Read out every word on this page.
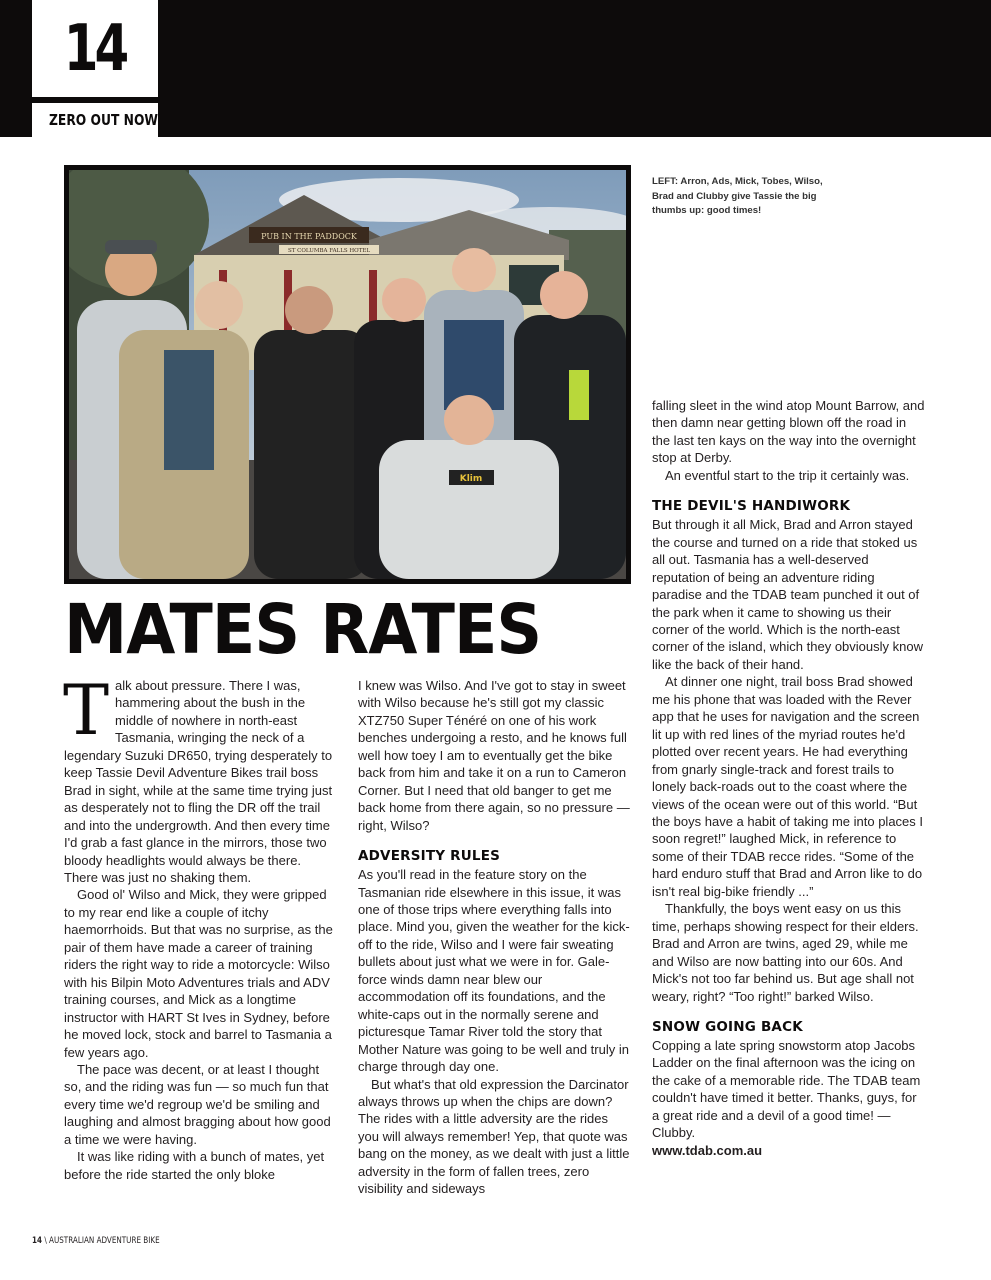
14
ZERO OUT NOW
PUB IN THE PADDOCK
ST COLUMBA FALLS HOTEL
Klim

LEFT: Arron, Ads, Mick, Tobes, Wilso, Brad and Clubby give Tassie the big thumbs up: good times!

MATES RATES

Talk about pressure. There I was, hammering about the bush in the middle of nowhere in north-east Tasmania, wringing the neck of a legendary Suzuki DR650, trying desperately to keep Tassie Devil Adventure Bikes trail boss Brad in sight, while at the same time trying just as desperately not to fling the DR off the trail and into the undergrowth. And then every time I'd grab a fast glance in the mirrors, those two bloody headlights would always be there. There was just no shaking them.

Good ol' Wilso and Mick, they were gripped to my rear end like a couple of itchy haemorrhoids. But that was no surprise, as the pair of them have made a career of training riders the right way to ride a motorcycle: Wilso with his Bilpin Moto Adventures trials and ADV training courses, and Mick as a longtime instructor with HART St Ives in Sydney, before he moved lock, stock and barrel to Tasmania a few years ago.

The pace was decent, or at least I thought so, and the riding was fun — so much fun that every time we'd regroup we'd be smiling and laughing and almost bragging about how good a time we were having.

It was like riding with a bunch of mates, yet before the ride started the only bloke

I knew was Wilso. And I've got to stay in sweet with Wilso because he's still got my classic XTZ750 Super Ténéré on one of his work benches undergoing a resto, and he knows full well how toey I am to eventually get the bike back from him and take it on a run to Cameron Corner. But I need that old banger to get me back home from there again, so no pressure — right, Wilso?

ADVERSITY RULES

As you'll read in the feature story on the Tasmanian ride elsewhere in this issue, it was one of those trips where everything falls into place. Mind you, given the weather for the kick-off to the ride, Wilso and I were fair sweating bullets about just what we were in for. Gale-force winds damn near blew our accommodation off its foundations, and the white-caps out in the normally serene and picturesque Tamar River told the story that Mother Nature was going to be well and truly in charge through day one.

But what's that old expression the Darcinator always throws up when the chips are down? The rides with a little adversity are the rides you will always remember! Yep, that quote was bang on the money, as we dealt with just a little adversity in the form of fallen trees, zero visibility and sideways

falling sleet in the wind atop Mount Barrow, and then damn near getting blown off the road in the last ten kays on the way into the overnight stop at Derby.

An eventful start to the trip it certainly was.

THE DEVIL'S HANDIWORK

But through it all Mick, Brad and Arron stayed the course and turned on a ride that stoked us all out. Tasmania has a well-deserved reputation of being an adventure riding paradise and the TDAB team punched it out of the park when it came to showing us their corner of the world. Which is the north-east corner of the island, which they obviously know like the back of their hand.

At dinner one night, trail boss Brad showed me his phone that was loaded with the Rever app that he uses for navigation and the screen lit up with red lines of the myriad routes he'd plotted over recent years. He had everything from gnarly single-track and forest trails to lonely back-roads out to the coast where the views of the ocean were out of this world. “But the boys have a habit of taking me into places I soon regret!” laughed Mick, in reference to some of their TDAB recce rides. “Some of the hard enduro stuff that Brad and Arron like to do isn't real big-bike friendly ...”

Thankfully, the boys went easy on us this time, perhaps showing respect for their elders. Brad and Arron are twins, aged 29, while me and Wilso are now batting into our 60s. And Mick's not too far behind us. But age shall not weary, right? “Too right!” barked Wilso.

SNOW GOING BACK

Copping a late spring snowstorm atop Jacobs Ladder on the final afternoon was the icing on the cake of a memorable ride. The TDAB team couldn't have timed it better. Thanks, guys, for a great ride and a devil of a good time! — Clubby.

www.tdab.com.au

14 \ AUSTRALIAN ADVENTURE BIKE
